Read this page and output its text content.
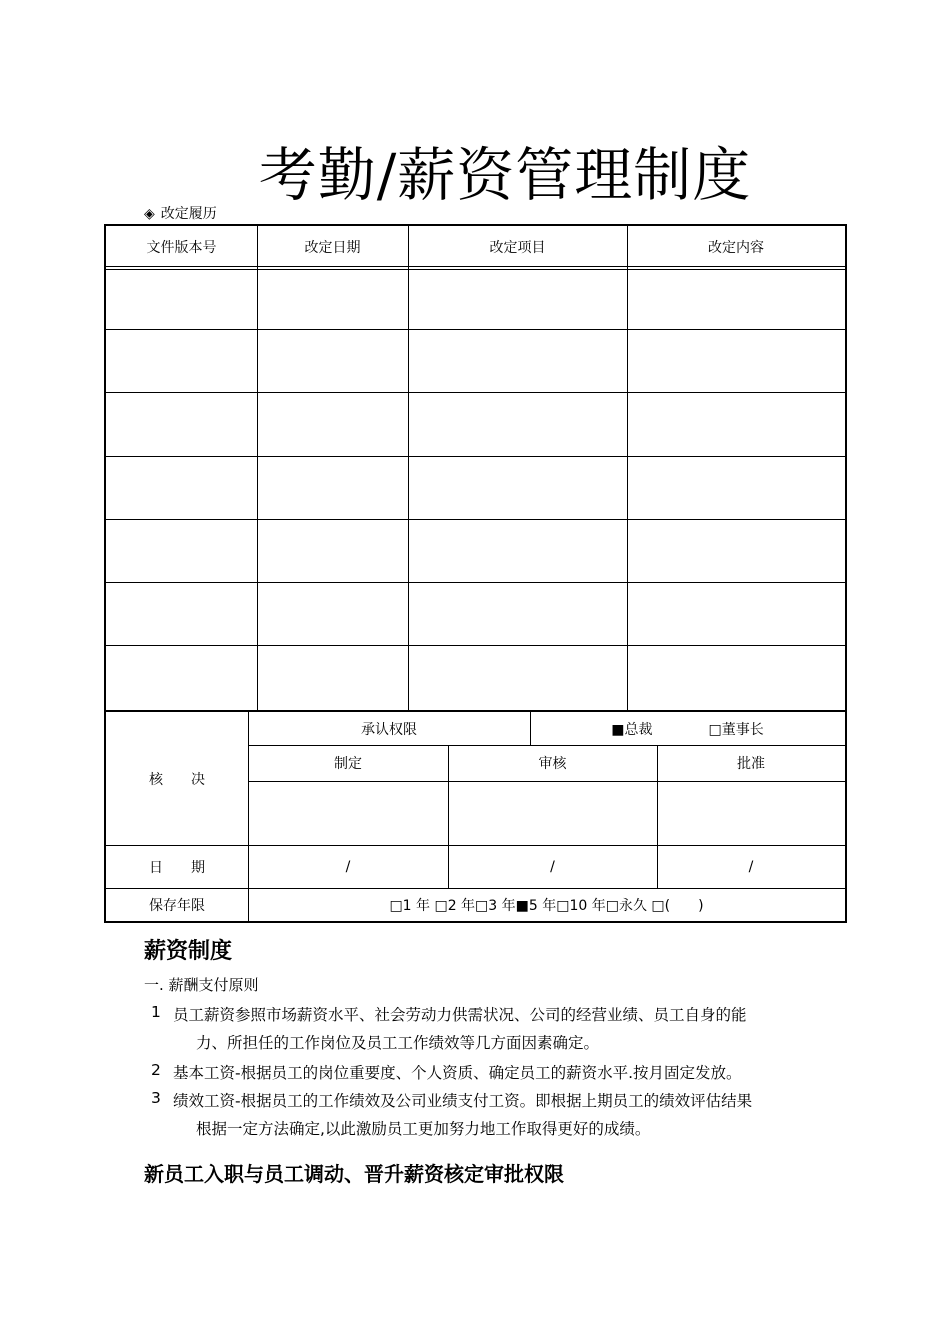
考勤/薪资管理制度
◈ 改定履历
文件版本号	改定日期	改定项目	改定内容
核　　决
承认权限	■总裁　　　　□董事长
制定	审核	批准
日　　期	/	/	/
保存年限	□1 年 □2 年□3 年■5 年□10 年□永久 □(　　)
薪资制度
一. 薪酬支付原则
1 员工薪资参照市场薪资水平、社会劳动力供需状况、公司的经营业绩、员工自身的能
力、所担任的工作岗位及员工工作绩效等几方面因素确定。
2 基本工资-根据员工的岗位重要度、个人资质、确定员工的薪资水平.按月固定发放。
3 绩效工资-根据员工的工作绩效及公司业绩支付工资。即根据上期员工的绩效评估结果
根据一定方法确定,以此激励员工更加努力地工作取得更好的成绩。
新员工入职与员工调动、晋升薪资核定审批权限
